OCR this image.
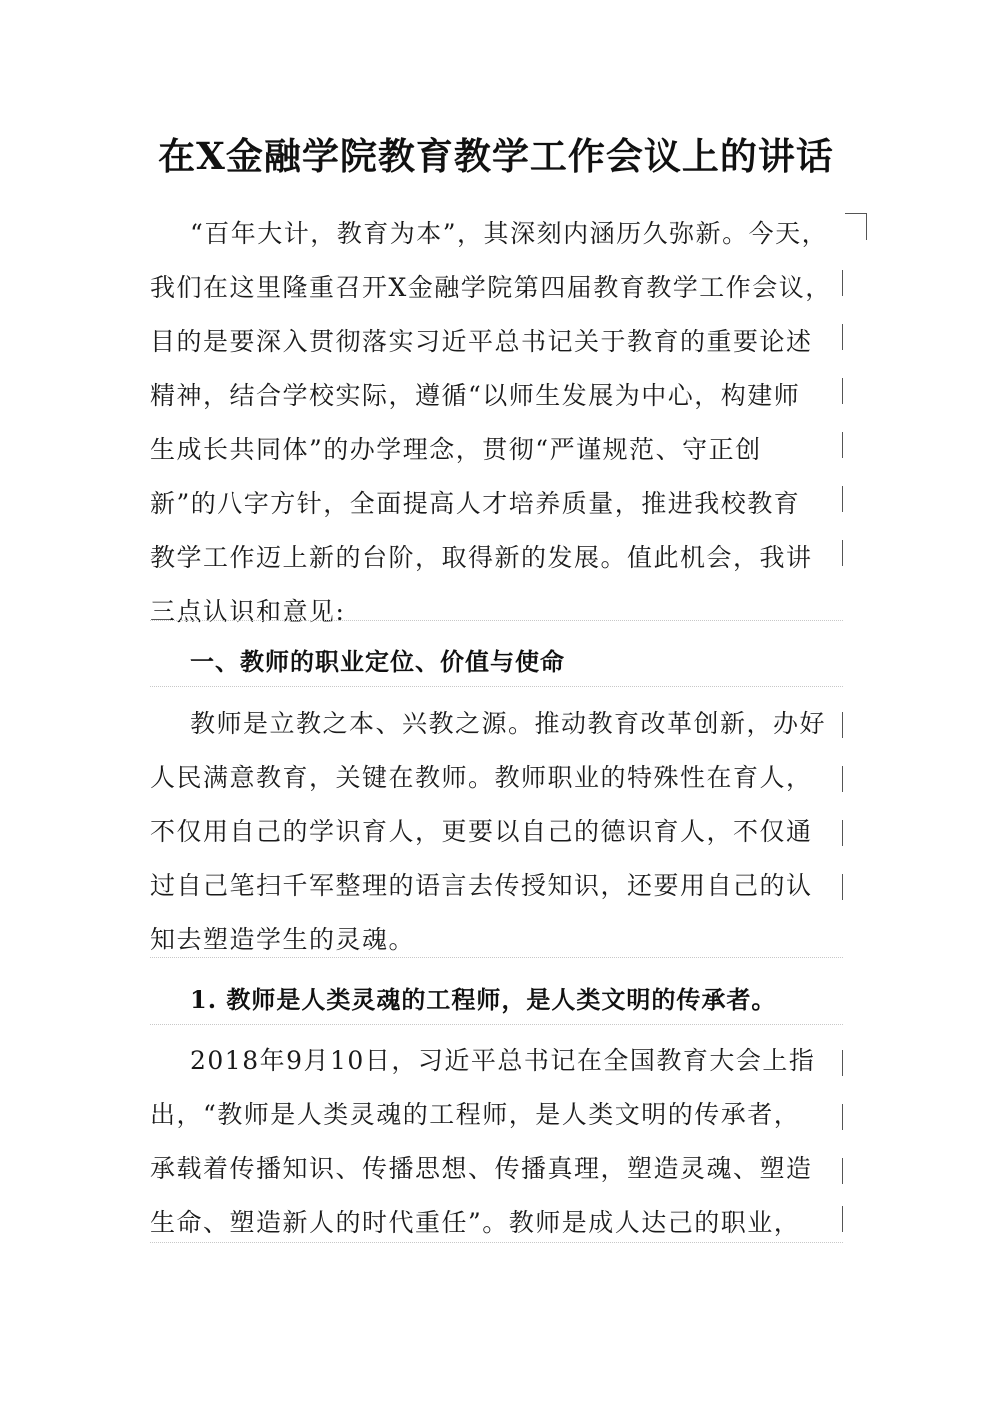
在X金融学院教育教学工作会议上的讲话
“百年大计，教育为本”，其深刻内涵历久弥新。今天，
我们在这里隆重召开X金融学院第四届教育教学工作会议，
目的是要深入贯彻落实习近平总书记关于教育的重要论述
精神，结合学校实际，遵循“以师生发展为中心，构建师
生成长共同体”的办学理念，贯彻“严谨规范、守正创
新”的八字方针，全面提高人才培养质量，推进我校教育
教学工作迈上新的台阶，取得新的发展。值此机会，我讲
三点认识和意见:
一、教师的职业定位、价值与使命
教师是立教之本、兴教之源。推动教育改革创新，办好
人民满意教育，关键在教师。教师职业的特殊性在育人，
不仅用自己的学识育人，更要以自己的德识育人，不仅通
过自己笔扫千军整理的语言去传授知识，还要用自己的认
知去塑造学生的灵魂。
1. 教师是人类灵魂的工程师，是人类文明的传承者。
2018年9月10日，习近平总书记在全国教育大会上指
出，“教师是人类灵魂的工程师，是人类文明的传承者，
承载着传播知识、传播思想、传播真理，塑造灵魂、塑造
生命、塑造新人的时代重任”。教师是成人达己的职业，
